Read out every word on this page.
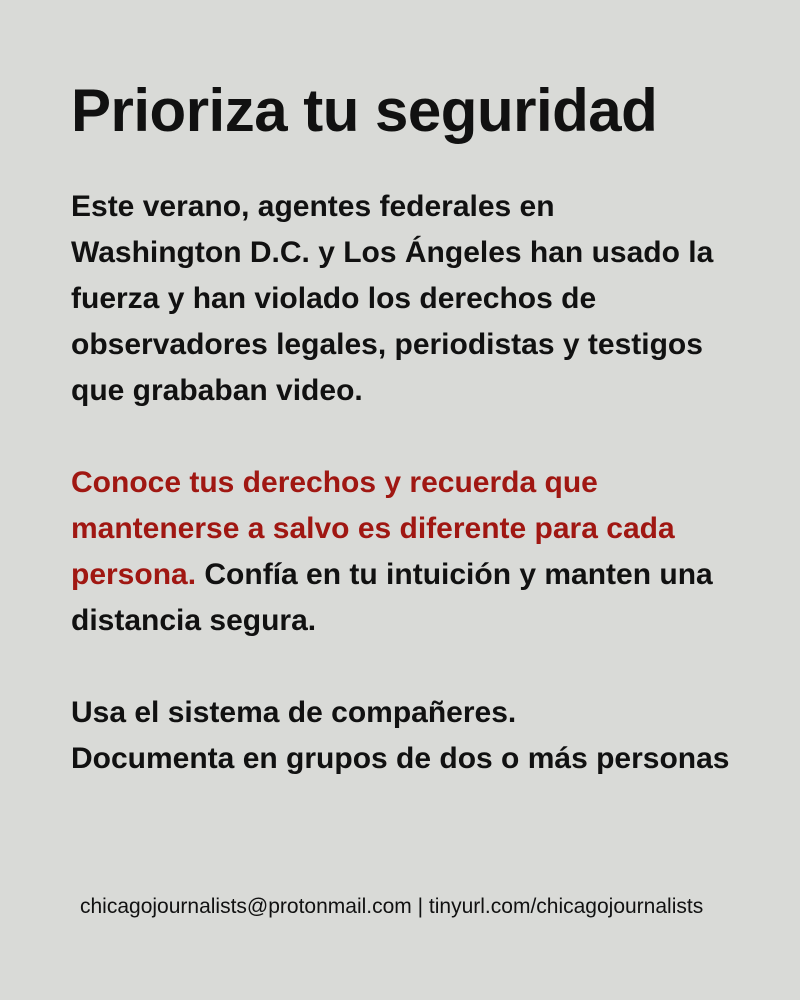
Prioriza tu seguridad

Este verano, agentes federales en Washington D.C. y Los Ángeles han usado la fuerza y han violado los derechos de observadores legales, periodistas y testigos que grababan video.

Conoce tus derechos y recuerda que mantenerse a salvo es diferente para cada persona. Confía en tu intuición y manten una distancia segura.

Usa el sistema de compañeres.
Documenta en grupos de dos o más personas

chicagojournalists@protonmail.com | tinyurl.com/chicagojournalists
